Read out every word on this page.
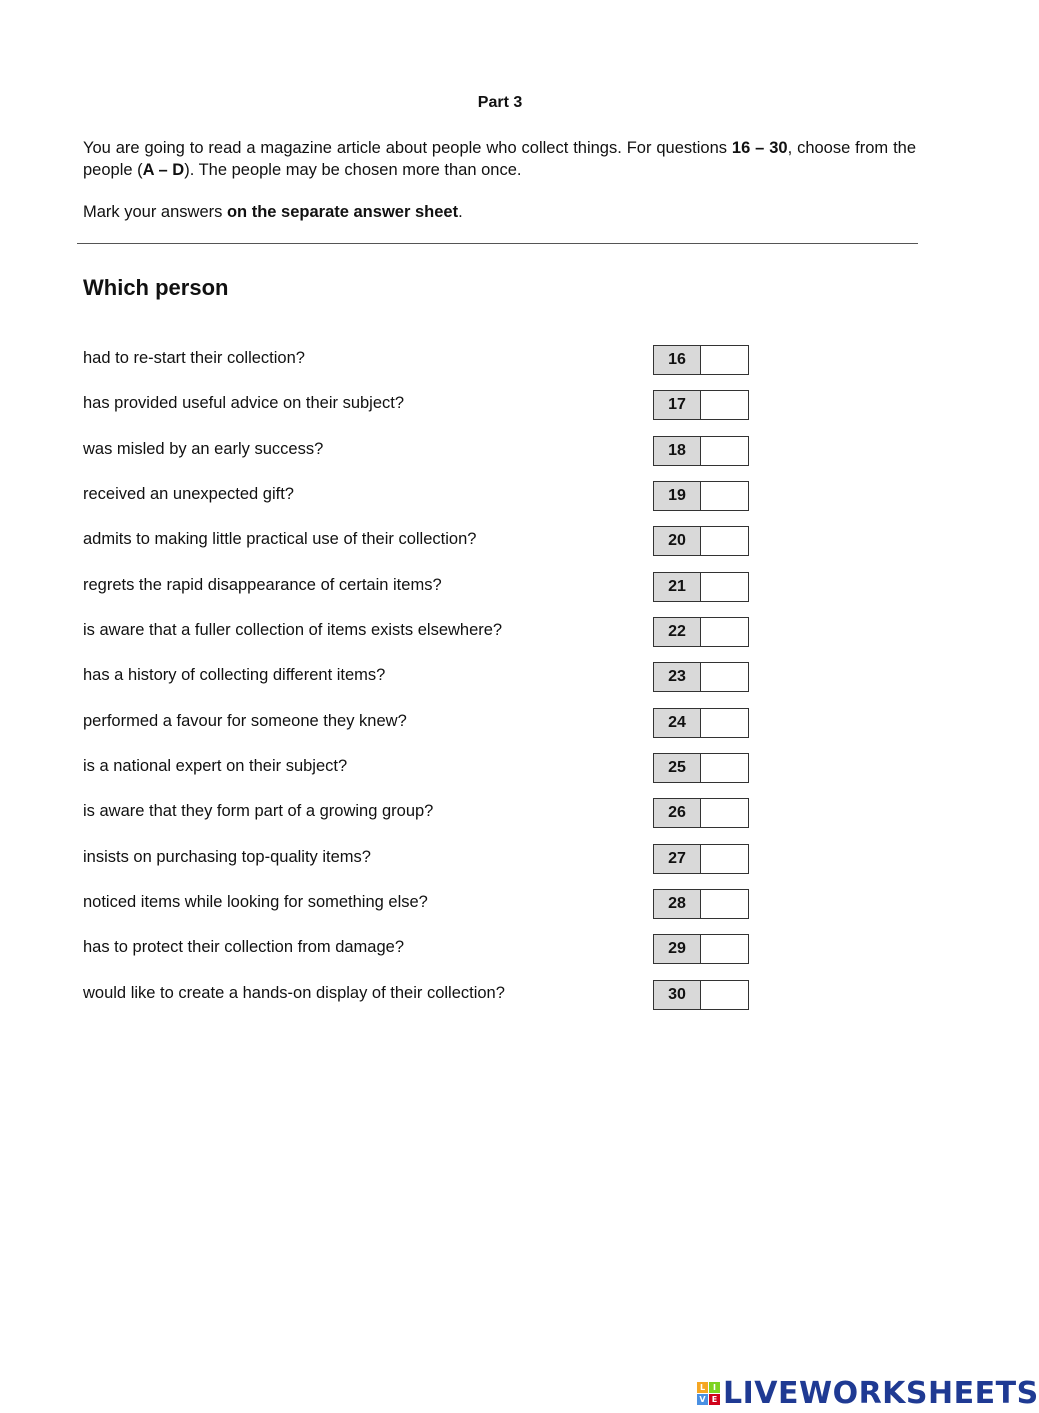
Part 3
You are going to read a magazine article about people who collect things. For questions 16 – 30, choose from the people (A – D). The people may be chosen more than once.
Mark your answers on the separate answer sheet.
Which person
had to re-start their collection?	16
has provided useful advice on their subject?	17
was misled by an early success?	18
received an unexpected gift?	19
admits to making little practical use of their collection?	20
regrets the rapid disappearance of certain items?	21
is aware that a fuller collection of items exists elsewhere?	22
has a history of collecting different items?	23
performed a favour for someone they knew?	24
is a national expert on their subject?	25
is aware that they form part of a growing group?	26
insists on purchasing top-quality items?	27
noticed items while looking for something else?	28
has to protect their collection from damage?	29
would like to create a hands-on display of their collection?	30
L I
V E LIVEWORKSHEETS
